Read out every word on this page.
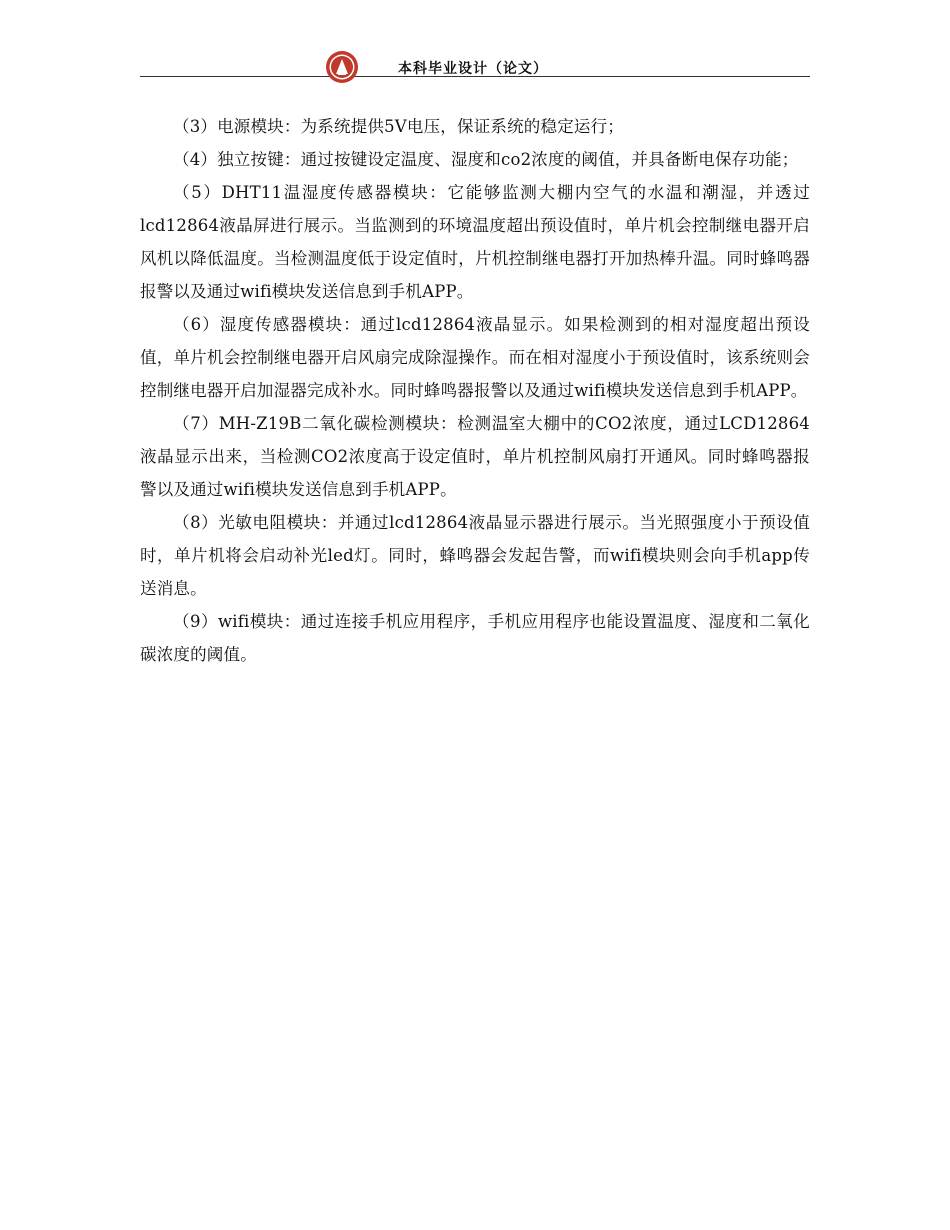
本科毕业设计（论文）

（3）电源模块：为系统提供5V电压，保证系统的稳定运行；

（4）独立按键：通过按键设定温度、湿度和co2浓度的阈值，并具备断电保存功能；

（5）DHT11温湿度传感器模块：它能够监测大棚内空气的水温和潮湿，并透过lcd12864液晶屏进行展示。当监测到的环境温度超出预设值时，单片机会控制继电器开启风机以降低温度。当检测温度低于设定值时，片机控制继电器打开加热棒升温。同时蜂鸣器报警以及通过wifi模块发送信息到手机APP。

（6）湿度传感器模块：通过lcd12864液晶显示。如果检测到的相对湿度超出预设值，单片机会控制继电器开启风扇完成除湿操作。而在相对湿度小于预设值时，该系统则会控制继电器开启加湿器完成补水。同时蜂鸣器报警以及通过wifi模块发送信息到手机APP。

（7）MH-Z19B二氧化碳检测模块：检测温室大棚中的CO2浓度，通过LCD12864液晶显示出来，当检测CO2浓度高于设定值时，单片机控制风扇打开通风。同时蜂鸣器报警以及通过wifi模块发送信息到手机APP。

（8）光敏电阻模块：并通过lcd12864液晶显示器进行展示。当光照强度小于预设值时，单片机将会启动补光led灯。同时，蜂鸣器会发起告警，而wifi模块则会向手机app传送消息。

（9）wifi模块：通过连接手机应用程序，手机应用程序也能设置温度、湿度和二氧化碳浓度的阈值。
